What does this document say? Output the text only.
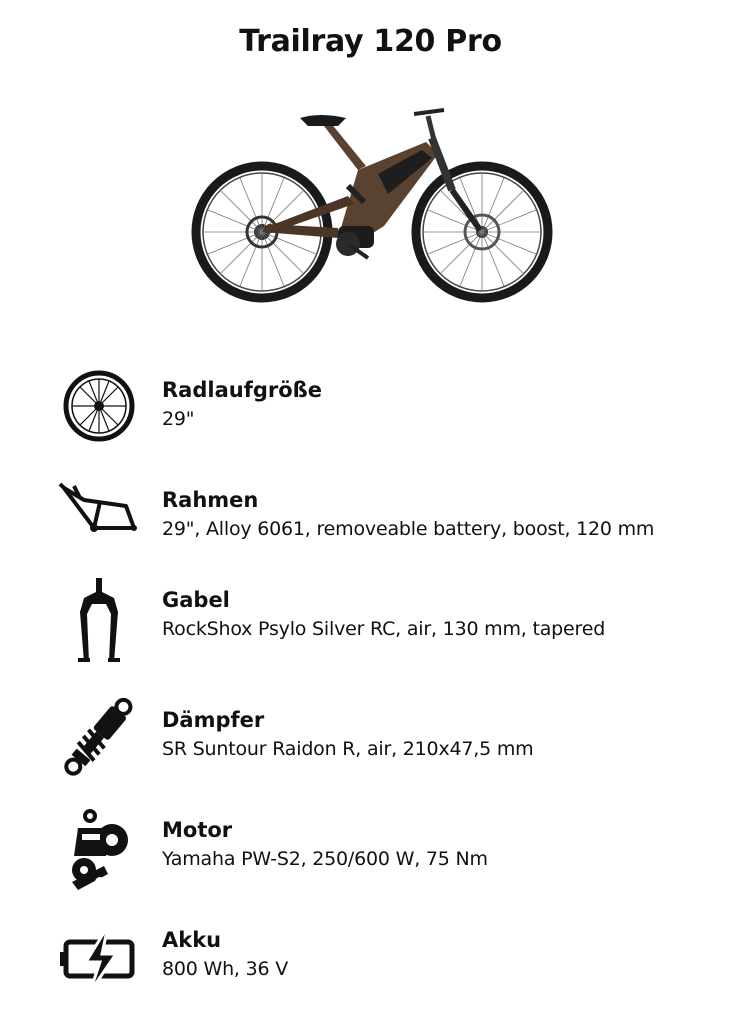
Trailray 120 Pro
Radlaufgröße
29"
Rahmen
29", Alloy 6061, removeable battery, boost, 120 mm
Gabel
RockShox Psylo Silver RC, air, 130 mm, tapered
Dämpfer
SR Suntour Raidon R, air, 210x47,5 mm
Motor
Yamaha PW-S2, 250/600 W, 75 Nm
Akku
800 Wh, 36 V
